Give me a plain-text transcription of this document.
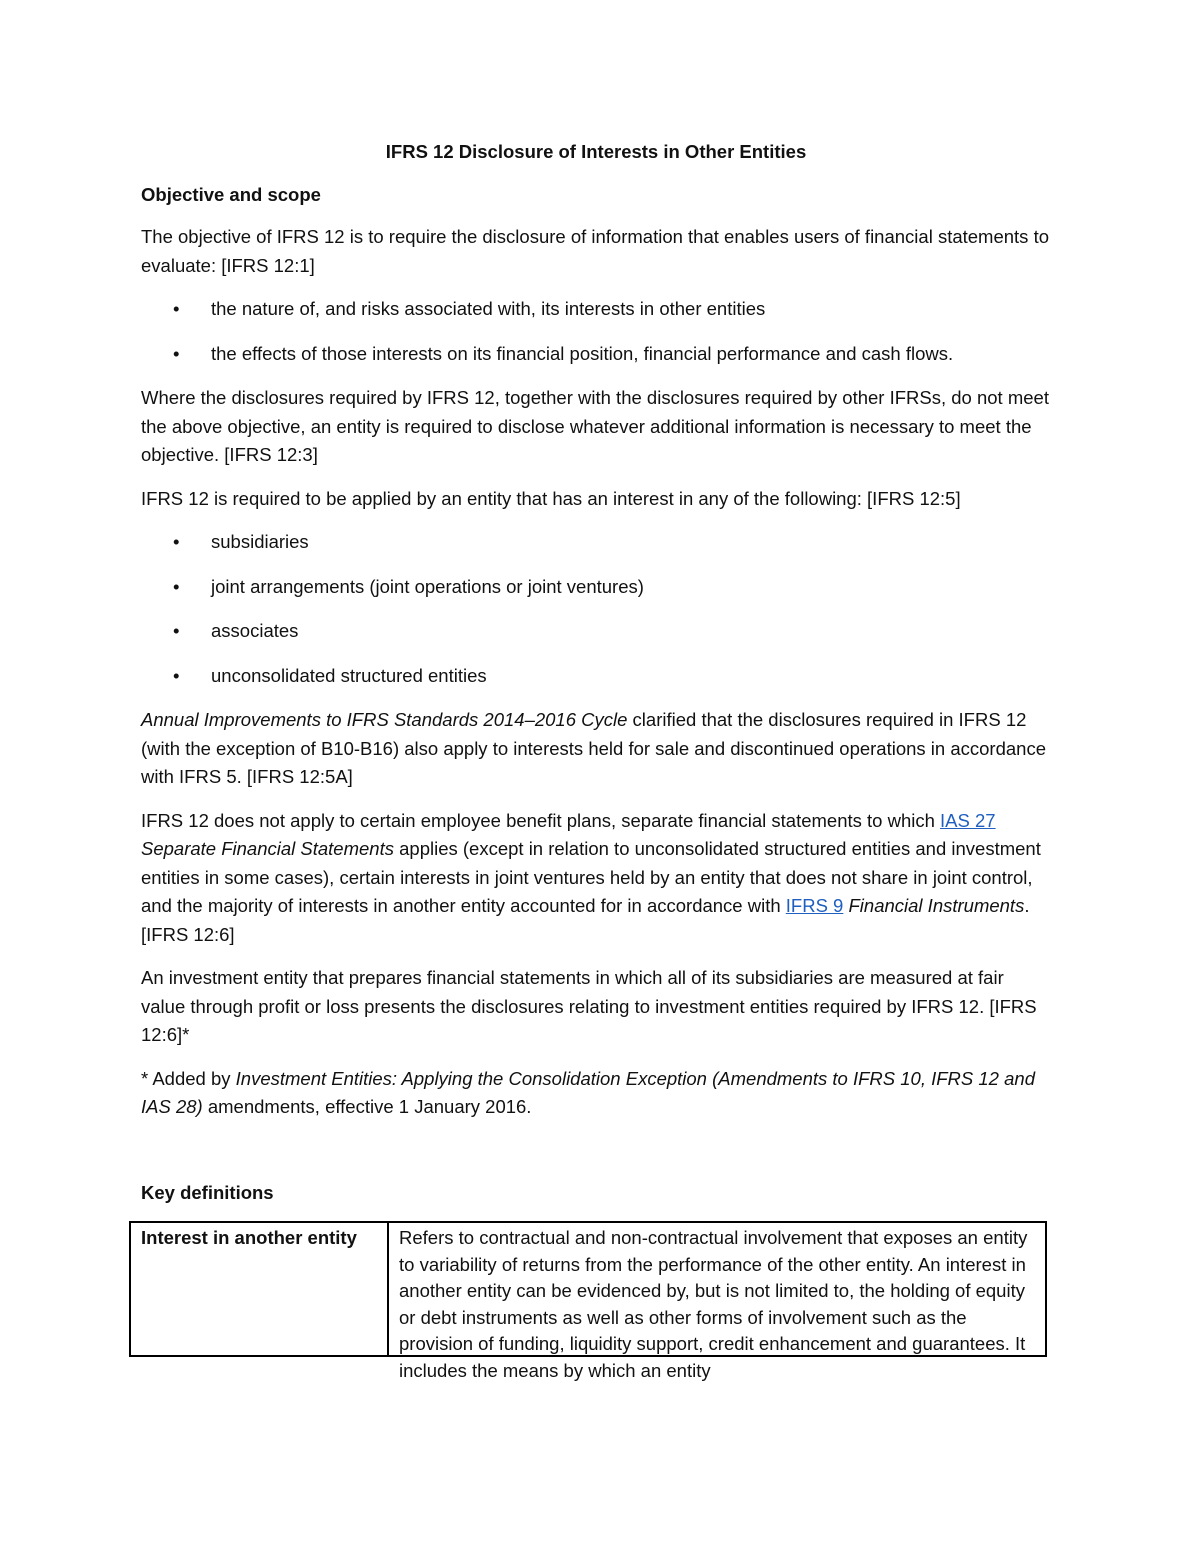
IFRS 12 Disclosure of Interests in Other Entities
Objective and scope

The objective of IFRS 12 is to require the disclosure of information that enables users of financial statements to evaluate: [IFRS 12:1]

• the nature of, and risks associated with, its interests in other entities
• the effects of those interests on its financial position, financial performance and cash flows.

Where the disclosures required by IFRS 12, together with the disclosures required by other IFRSs, do not meet the above objective, an entity is required to disclose whatever additional information is necessary to meet the objective. [IFRS 12:3]

IFRS 12 is required to be applied by an entity that has an interest in any of the following: [IFRS 12:5]

• subsidiaries
• joint arrangements (joint operations or joint ventures)
• associates
• unconsolidated structured entities

Annual Improvements to IFRS Standards 2014–2016 Cycle clarified that the disclosures required in IFRS 12 (with the exception of B10-B16) also apply to interests held for sale and discontinued operations in accordance with IFRS 5. [IFRS 12:5A]

IFRS 12 does not apply to certain employee benefit plans, separate financial statements to which IAS 27 Separate Financial Statements applies (except in relation to unconsolidated structured entities and investment entities in some cases), certain interests in joint ventures held by an entity that does not share in joint control, and the majority of interests in another entity accounted for in accordance with IFRS 9 Financial Instruments. [IFRS 12:6]

An investment entity that prepares financial statements in which all of its subsidiaries are measured at fair value through profit or loss presents the disclosures relating to investment entities required by IFRS 12. [IFRS 12:6]*

* Added by Investment Entities: Applying the Consolidation Exception (Amendments to IFRS 10, IFRS 12 and IAS 28) amendments, effective 1 January 2016.

Key definitions
Interest in another entity	Refers to contractual and non-contractual involvement that exposes an entity to variability of returns from the performance of the other entity. An interest in another entity can be evidenced by, but is not limited to, the holding of equity or debt instruments as well as other forms of involvement such as the provision of funding, liquidity support, credit enhancement and guarantees. It includes the means by which an entity
